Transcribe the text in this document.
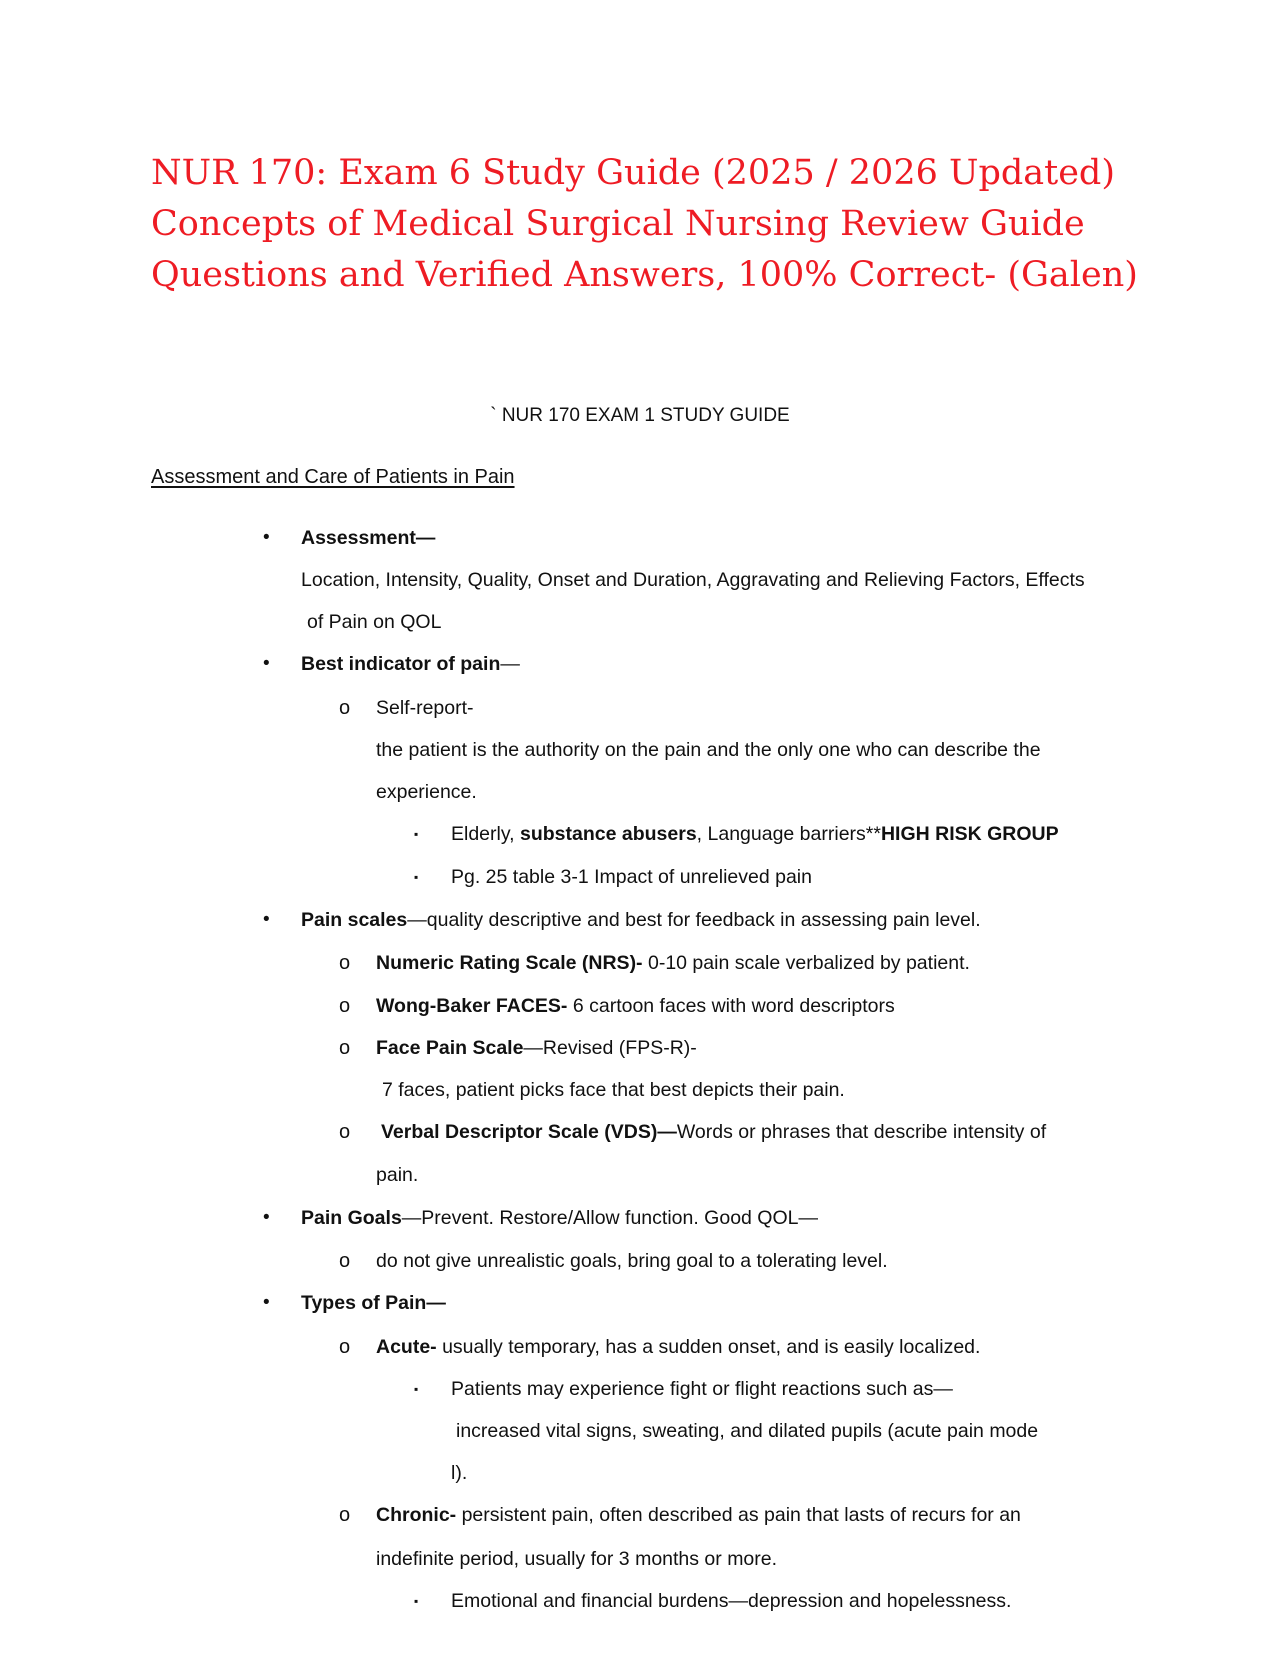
NUR 170: Exam 6 Study Guide (2025 / 2026 Updated)
Concepts of Medical Surgical Nursing Review Guide
Questions and Verified Answers, 100% Correct- (Galen)
` NUR 170 EXAM 1 STUDY GUIDE
Assessment and Care of Patients in Pain
• Assessment—
Location, Intensity, Quality, Onset and Duration, Aggravating and Relieving Factors, Effects
of Pain on QOL
• Best indicator of pain—
o Self-report-
the patient is the authority on the pain and the only one who can describe the
experience.
▪ Elderly, substance abusers, Language barriers**HIGH RISK GROUP
▪ Pg. 25 table 3-1 Impact of unrelieved pain
• Pain scales—quality descriptive and best for feedback in assessing pain level.
o Numeric Rating Scale (NRS)- 0-10 pain scale verbalized by patient.
o Wong-Baker FACES- 6 cartoon faces with word descriptors
o Face Pain Scale—Revised (FPS-R)-
7 faces, patient picks face that best depicts their pain.
o Verbal Descriptor Scale (VDS)—Words or phrases that describe intensity of
pain.
• Pain Goals—Prevent. Restore/Allow function. Good QOL—
o do not give unrealistic goals, bring goal to a tolerating level.
• Types of Pain—
o Acute- usually temporary, has a sudden onset, and is easily localized.
▪ Patients may experience fight or flight reactions such as—
increased vital signs, sweating, and dilated pupils (acute pain mode
l).
o Chronic- persistent pain, often described as pain that lasts of recurs for an
indefinite period, usually for 3 months or more.
▪ Emotional and financial burdens—depression and hopelessness.
